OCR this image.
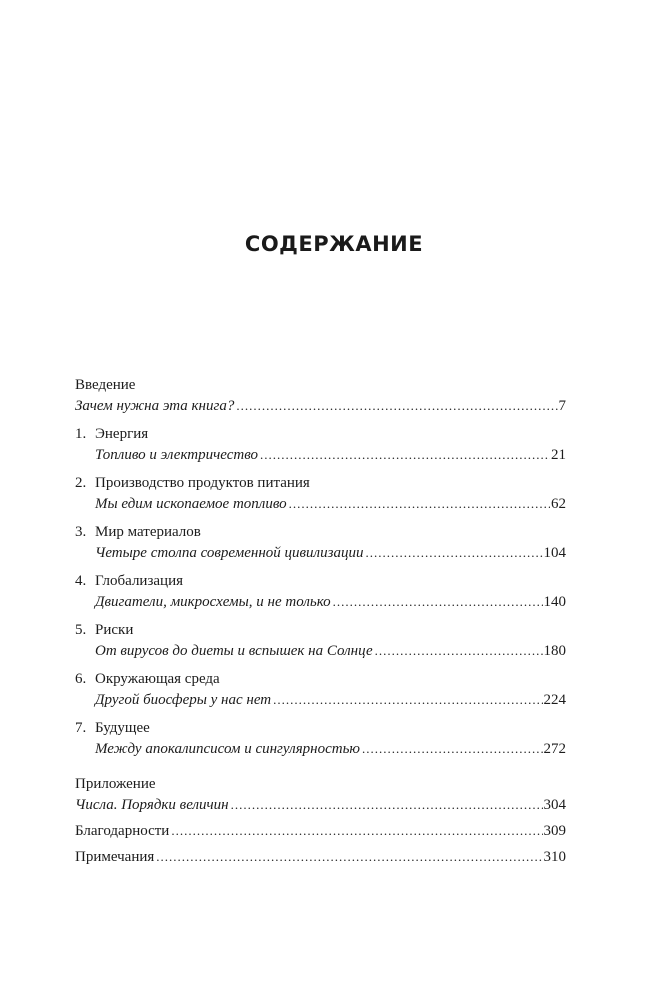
СОДЕРЖАНИЕ
Введение
Зачем нужна эта книга? .....	7
1. Энергия
Топливо и электричество .....	21
2. Производство продуктов питания
Мы едим ископаемое топливо .....	62
3. Мир материалов
Четыре столпа современной цивилизации .....	104
4. Глобализация
Двигатели, микросхемы, и не только .....	140
5. Риски
От вирусов до диеты и вспышек на Солнце .....	180
6. Окружающая среда
Другой биосферы у нас нет .....	224
7. Будущее
Между апокалипсисом и сингулярностью .....	272
Приложение
Числа. Порядки величин .....	304
Благодарности .....	309
Примечания .....	310
